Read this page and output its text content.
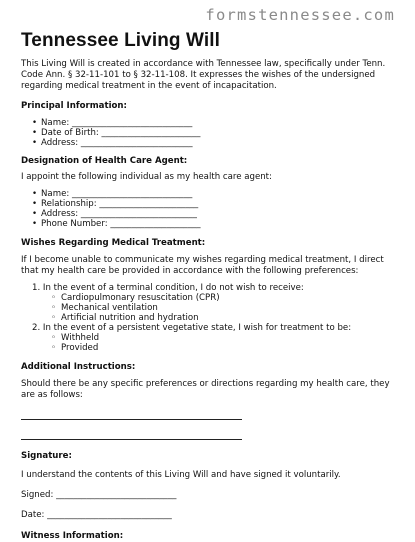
formstennessee.com
Tennessee Living Will

This Living Will is created in accordance with Tennessee law, specifically under Tenn. Code Ann. § 32-11-101 to § 32-11-108. It expresses the wishes of the undersigned regarding medical treatment in the event of incapacitation.

Principal Information:
• Name: ____________________________
• Date of Birth: _______________________
• Address: __________________________
Designation of Health Care Agent:

I appoint the following individual as my health care agent:

• Name: ____________________________
• Relationship: _______________________
• Address: ___________________________
• Phone Number: _____________________
Wishes Regarding Medical Treatment:

If I become unable to communicate my wishes regarding medical treatment, I direct that my health care be provided in accordance with the following preferences:

1. In the event of a terminal condition, I do not wish to receive:
◦ Cardiopulmonary resuscitation (CPR)
◦ Mechanical ventilation
◦ Artificial nutrition and hydration
2. In the event of a persistent vegetative state, I wish for treatment to be:
◦ Withheld
◦ Provided
Additional Instructions:

Should there be any specific preferences or directions regarding my health care, they are as follows:

Signature:

I understand the contents of this Living Will and have signed it voluntarily.

Signed: ____________________________

Date: _____________________________

Witness Information:
